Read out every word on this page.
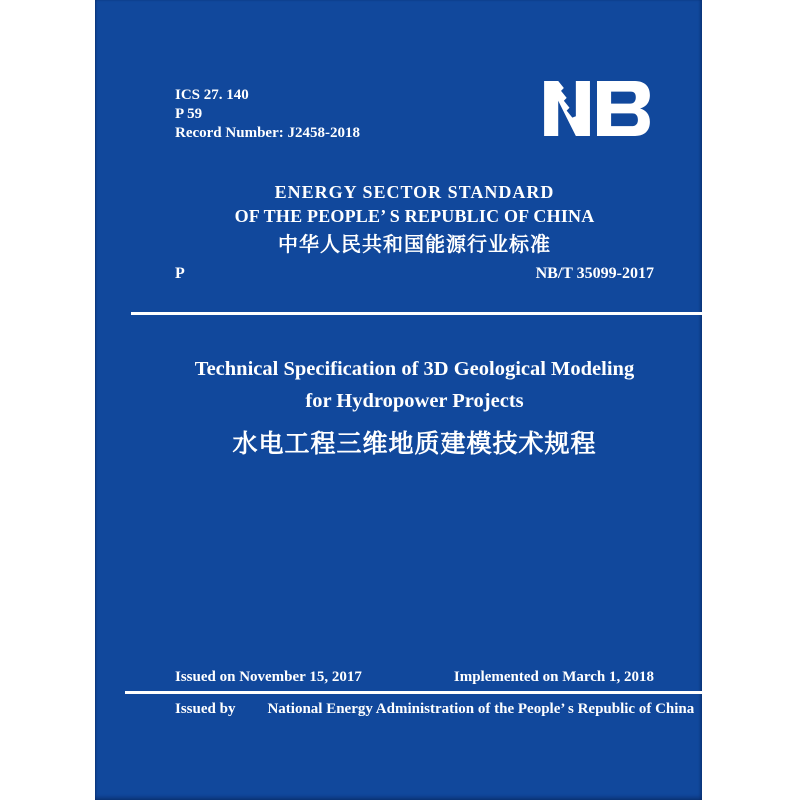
ICS 27. 140
P 59
Record Number: J2458-2018
ENERGY SECTOR STANDARD
OF THE PEOPLE’ S REPUBLIC OF CHINA
中华人民共和国能源行业标准
P	NB/T 35099-2017
Technical Specification of 3D Geological Modeling
for Hydropower Projects
水电工程三维地质建模技术规程
Issued on November 15, 2017	Implemented on March 1, 2018
Issued by National Energy Administration of the People’ s Republic of China
